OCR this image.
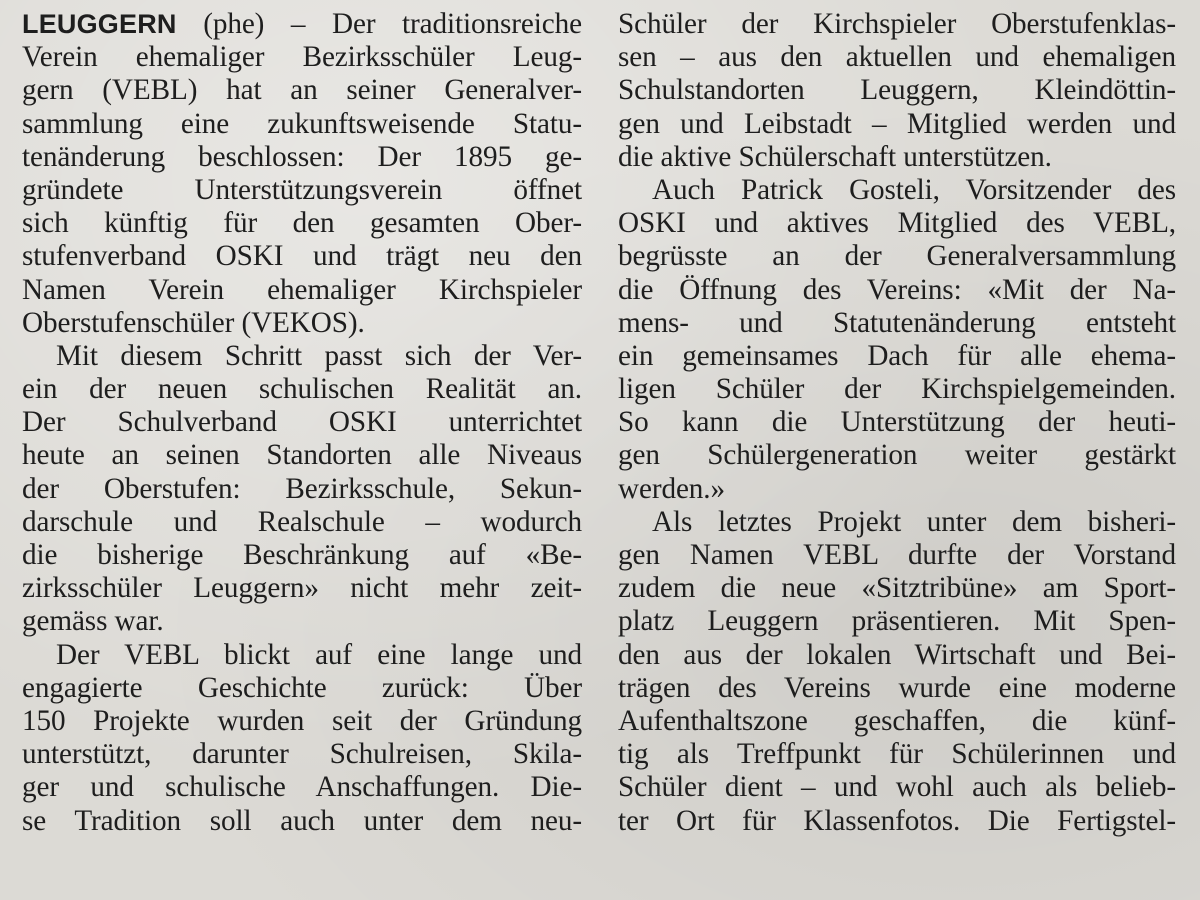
LEUGGERN (phe) – Der traditionsreiche
Verein ehemaliger Bezirksschüler Leug-
gern (VEBL) hat an seiner Generalver-
sammlung eine zukunftsweisende Statu-
tenänderung beschlossen: Der 1895 ge-
gründete Unterstützungsverein öffnet
sich künftig für den gesamten Ober-
stufenverband OSKI und trägt neu den
Namen Verein ehemaliger Kirchspieler
Oberstufenschüler (VEKOS).
Mit diesem Schritt passt sich der Ver-
ein der neuen schulischen Realität an.
Der Schulverband OSKI unterrichtet
heute an seinen Standorten alle Niveaus
der Oberstufen: Bezirksschule, Sekun-
darschule und Realschule – wodurch
die bisherige Beschränkung auf «Be-
zirksschüler Leuggern» nicht mehr zeit-
gemäss war.
Der VEBL blickt auf eine lange und
engagierte Geschichte zurück: Über
150 Projekte wurden seit der Gründung
unterstützt, darunter Schulreisen, Skila-
ger und schulische Anschaffungen. Die-
se Tradition soll auch unter dem neu-
Schüler der Kirchspieler Oberstufenklas-
sen – aus den aktuellen und ehemaligen
Schulstandorten Leuggern, Kleindöttin-
gen und Leibstadt – Mitglied werden und
die aktive Schülerschaft unterstützen.
Auch Patrick Gosteli, Vorsitzender des
OSKI und aktives Mitglied des VEBL,
begrüsste an der Generalversammlung
die Öffnung des Vereins: «Mit der Na-
mens- und Statutenänderung entsteht
ein gemeinsames Dach für alle ehema-
ligen Schüler der Kirchspielgemeinden.
So kann die Unterstützung der heuti-
gen Schülergeneration weiter gestärkt
werden.»
Als letztes Projekt unter dem bisheri-
gen Namen VEBL durfte der Vorstand
zudem die neue «Sitztribüne» am Sport-
platz Leuggern präsentieren. Mit Spen-
den aus der lokalen Wirtschaft und Bei-
trägen des Vereins wurde eine moderne
Aufenthaltszone geschaffen, die künf-
tig als Treffpunkt für Schülerinnen und
Schüler dient – und wohl auch als belieb-
ter Ort für Klassenfotos. Die Fertigstel-
